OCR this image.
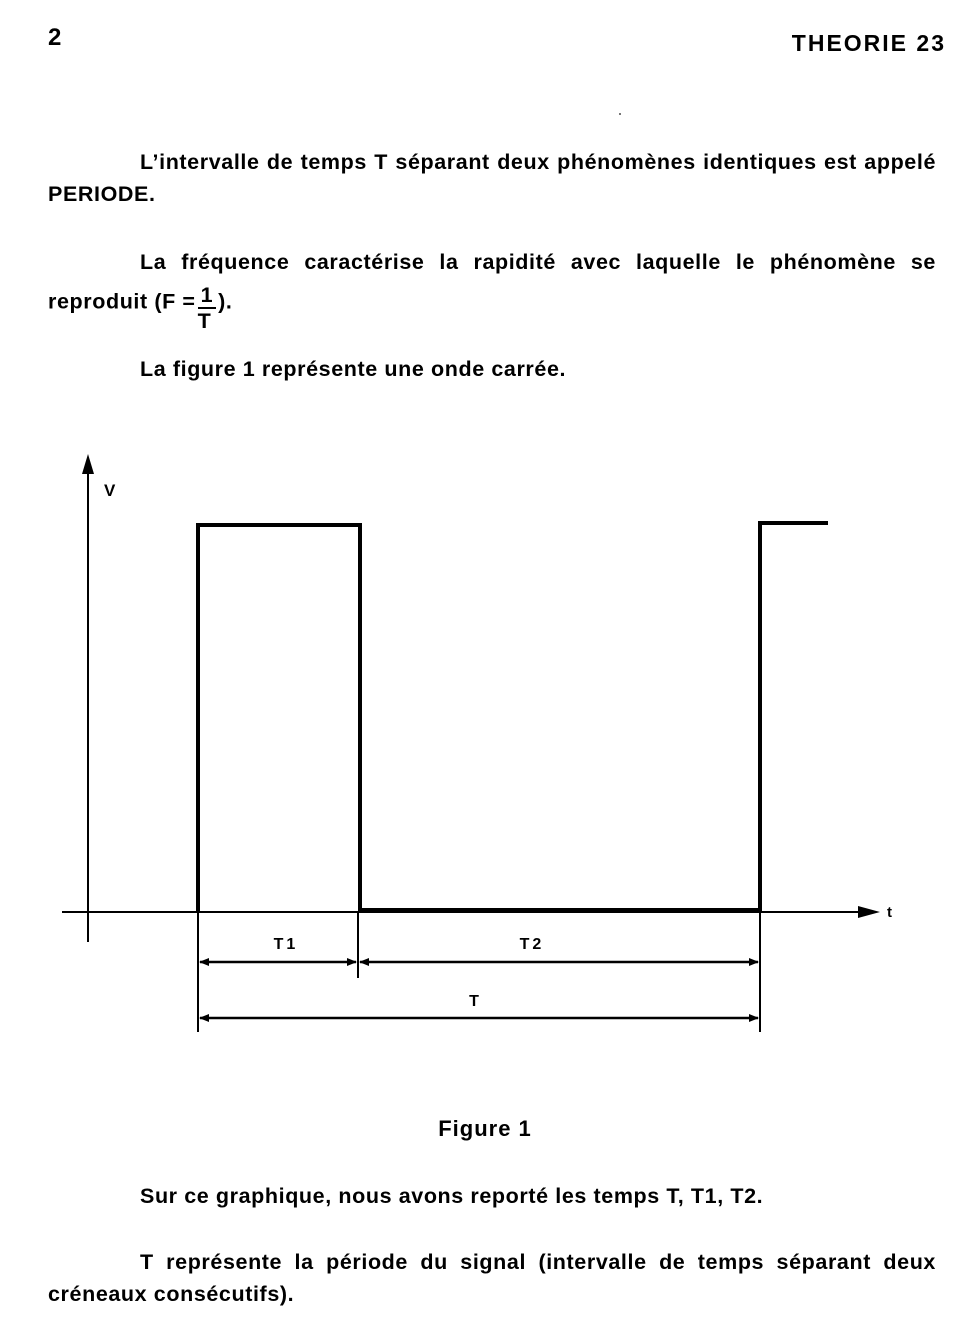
2	THEORIE 23
L’intervalle de temps T séparant deux phénomènes identiques est appelé PERIODE.
La fréquence caractérise la rapidité avec laquelle le phénomène se reproduit ($F = \frac{1}{T}$ ).
La figure 1 représente une onde carrée.
V
t
T1	T2
T
Figure 1
Sur ce graphique, nous avons reporté les temps T, T1, T2.
T représente la période du signal (intervalle de temps séparant deux créneaux consécutifs).
